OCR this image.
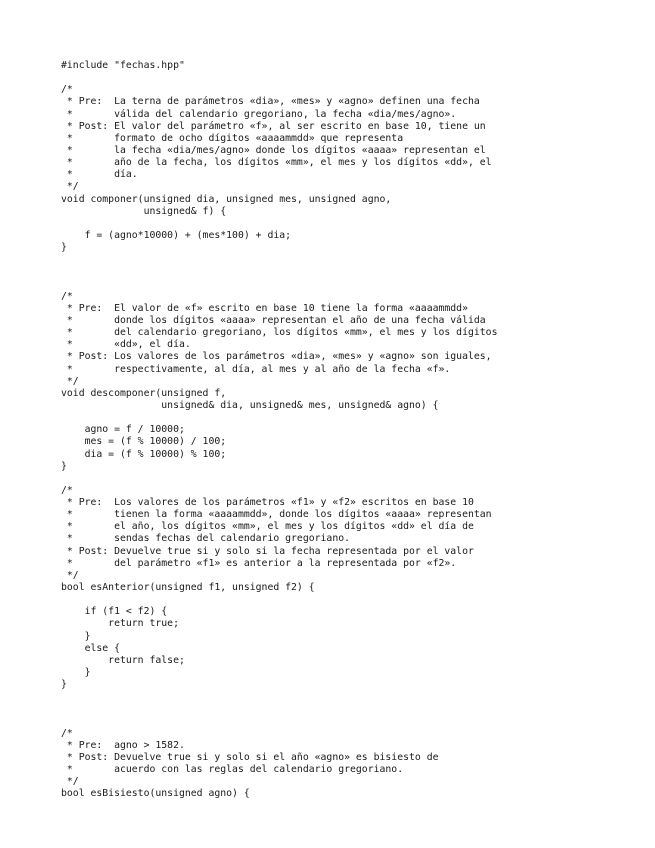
#include "fechas.hpp"
/*
* Pre:  La terna de parámetros «dia», «mes» y «agno» definen una fecha
*       válida del calendario gregoriano, la fecha «dia/mes/agno».
* Post: El valor del parámetro «f», al ser escrito en base 10, tiene un
*       formato de ocho dígitos «aaaammdd» que representa
*       la fecha «dia/mes/agno» donde los dígitos «aaaa» representan el
*       año de la fecha, los dígitos «mm», el mes y los dígitos «dd», el
*       día.
*/
void componer(unsigned dia, unsigned mes, unsigned agno,
unsigned& f) {
f = (agno*10000) + (mes*100) + dia;
}
/*
* Pre:  El valor de «f» escrito en base 10 tiene la forma «aaaammdd»
*       donde los dígitos «aaaa» representan el año de una fecha válida
*       del calendario gregoriano, los dígitos «mm», el mes y los dígitos
*       «dd», el día.
* Post: Los valores de los parámetros «dia», «mes» y «agno» son iguales,
*       respectivamente, al día, al mes y al año de la fecha «f».
*/
void descomponer(unsigned f,
unsigned& dia, unsigned& mes, unsigned& agno) {
agno = f / 10000;
mes = (f % 10000) / 100;
dia = (f % 10000) % 100;
}
/*
* Pre:  Los valores de los parámetros «f1» y «f2» escritos en base 10
*       tienen la forma «aaaammdd», donde los dígitos «aaaa» representan
*       el año, los dígitos «mm», el mes y los dígitos «dd» el día de
*       sendas fechas del calendario gregoriano.
* Post: Devuelve true si y solo si la fecha representada por el valor
*       del parámetro «f1» es anterior a la representada por «f2».
*/
bool esAnterior(unsigned f1, unsigned f2) {
if (f1 < f2) {
return true;
}
else {
return false;
}
}
/*
* Pre:  agno > 1582.
* Post: Devuelve true si y solo si el año «agno» es bisiesto de
*       acuerdo con las reglas del calendario gregoriano.
*/
bool esBisiesto(unsigned agno) {
